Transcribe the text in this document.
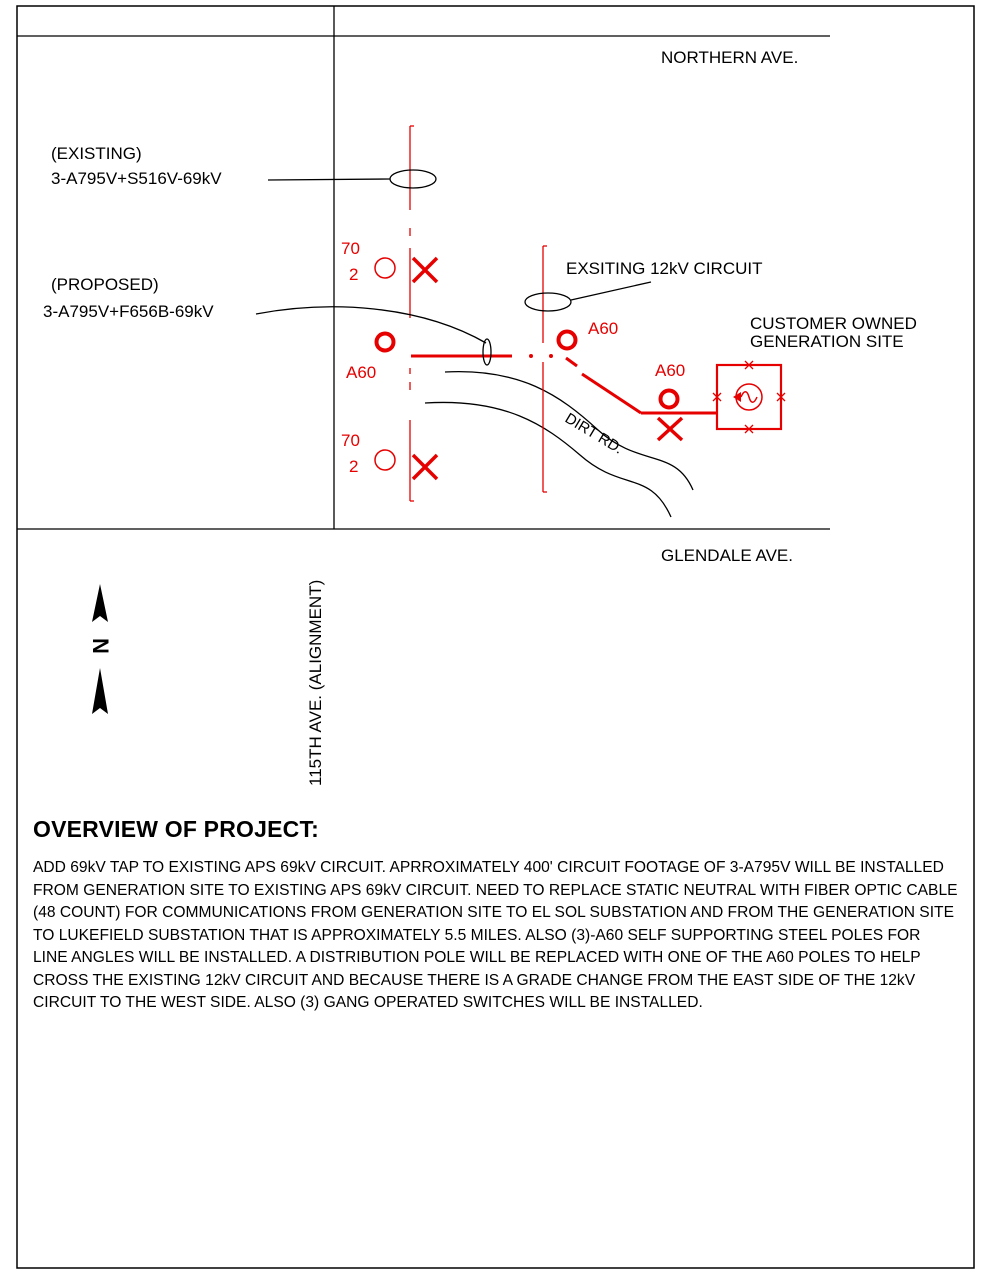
NORTHERN AVE.
GLENDALE AVE.
115TH AVE. (ALIGNMENT)
DIRT RD.
(EXISTING)
3-A795V+S516V-69kV
(PROPOSED)
3-A795V+F656B-69kV
EXSITING 12kV CIRCUIT
70
2
70
2
A60
A60
A60
CUSTOMER OWNED
GENERATION SITE
N
OVERVIEW OF PROJECT:

ADD 69kV TAP TO EXISTING APS 69kV CIRCUIT. APRROXIMATELY 400' CIRCUIT FOOTAGE OF 3-A795V WILL BE INSTALLED FROM GENERATION SITE TO EXISTING APS 69kV CIRCUIT. NEED TO REPLACE STATIC NEUTRAL WITH FIBER OPTIC CABLE (48 COUNT) FOR COMMUNICATIONS FROM GENERATION SITE TO EL SOL SUBSTATION AND FROM THE GENERATION SITE TO LUKEFIELD SUBSTATION THAT IS APPROXIMATELY 5.5 MILES. ALSO (3)-A60 SELF SUPPORTING STEEL POLES FOR LINE ANGLES WILL BE INSTALLED. A DISTRIBUTION POLE WILL BE REPLACED WITH ONE OF THE A60 POLES TO HELP CROSS THE EXISTING 12kV CIRCUIT AND BECAUSE THERE IS A GRADE CHANGE FROM THE EAST SIDE OF THE 12kV CIRCUIT TO THE WEST SIDE. ALSO (3) GANG OPERATED SWITCHES WILL BE INSTALLED.
